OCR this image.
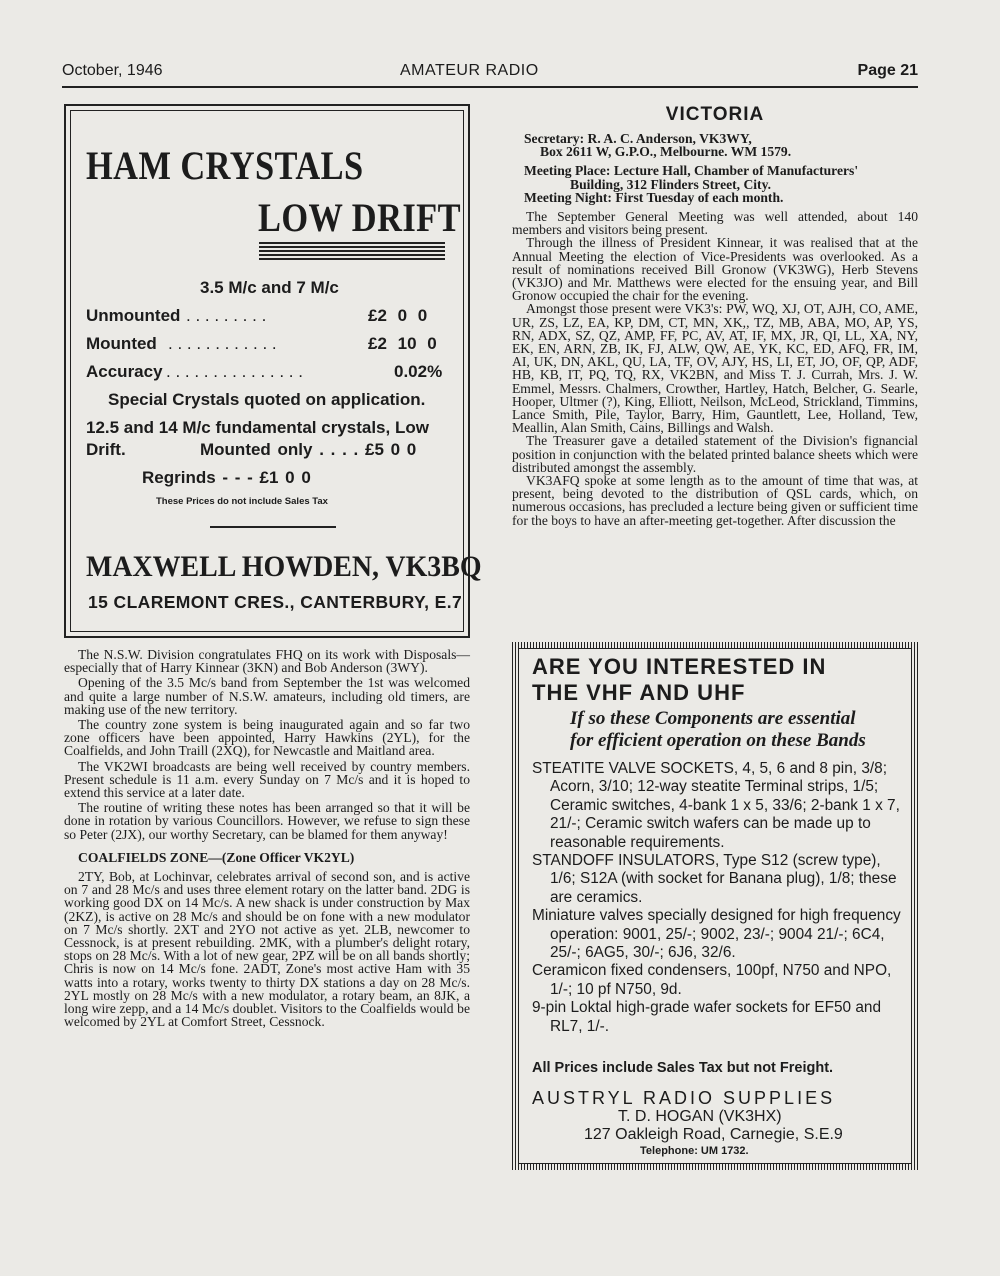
October, 1946	AMATEUR RADIO	Page 21
HAM CRYSTALS
LOW DRIFT
3.5 M/c and 7 M/c
Unmounted . . . . . . . . .	£2 0 0
Mounted . . . . . . . . . . . .	£2 10 0
Accuracy . . . . . . . . . . . . . . .	0.02%
Special Crystals quoted on application.
12.5 and 14 M/c fundamental crystals, Low
Drift.	Mounted only . . . . £5 0 0
Regrinds - - - £1 0 0
These Prices do not include Sales Tax
MAXWELL HOWDEN, VK3BQ
15 CLAREMONT CRES., CANTERBURY, E.7

The N.S.W. Division congratulates FHQ on its work with Disposals—especially that of Harry Kinnear (3KN) and Bob Anderson (3WY).

Opening of the 3.5 Mc/s band from September the 1st was welcomed and quite a large number of N.S.W. amateurs, including old timers, are making use of the new territory.

The country zone system is being inaugurated again and so far two zone officers have been appointed, Harry Hawkins (2YL), for the Coalfields, and John Traill (2XQ), for Newcastle and Maitland area.

The VK2WI broadcasts are being well received by country members. Present schedule is 11 a.m. every Sunday on 7 Mc/s and it is hoped to extend this service at a later date.

The routine of writing these notes has been arranged so that it will be done in rotation by various Councillors. However, we refuse to sign these so Peter (2JX), our worthy Secretary, can be blamed for them anyway!

COALFIELDS ZONE—(Zone Officer VK2YL)

2TY, Bob, at Lochinvar, celebrates arrival of second son, and is active on 7 and 28 Mc/s and uses three element rotary on the latter band. 2DG is working good DX on 14 Mc/s. A new shack is under construction by Max (2KZ), is active on 28 Mc/s and should be on fone with a new modulator on 7 Mc/s shortly. 2XT and 2YO not active as yet. 2LB, newcomer to Cessnock, is at present rebuilding. 2MK, with a plumber's delight rotary, stops on 28 Mc/s. With a lot of new gear, 2PZ will be on all bands shortly; Chris is now on 14 Mc/s fone. 2ADT, Zone's most active Ham with 35 watts into a rotary, works twenty to thirty DX stations a day on 28 Mc/s. 2YL mostly on 28 Mc/s with a new modulator, a rotary beam, an 8JK, a long wire zepp, and a 14 Mc/s doublet. Visitors to the Coalfields would be welcomed by 2YL at Comfort Street, Cessnock.

VICTORIA
Secretary: R. A. C. Anderson, VK3WY,
Box 2611 W, G.P.O., Melbourne. WM 1579.
Meeting Place: Lecture Hall, Chamber of Manufacturers'
Building, 312 Flinders Street, City.
Meeting Night: First Tuesday of each month.

The September General Meeting was well attended, about 140 members and visitors being present.

Through the illness of President Kinnear, it was realised that at the Annual Meeting the election of Vice-Presidents was overlooked. As a result of nominations received Bill Gronow (VK3WG), Herb Stevens (VK3JO) and Mr. Matthews were elected for the ensuing year, and Bill Gronow occupied the chair for the evening.

Amongst those present were VK3's: PW, WQ, XJ, OT, AJH, CO, AME, UR, ZS, LZ, EA, KP, DM, CT, MN, XK,, TZ, MB, ABA, MO, AP, YS, RN, ADX, SZ, QZ, AMP, FF, PC, AV, AT, IF, MX, JR, QI, LL, XA, NY, EK, EN, ARN, ZB, IK, FJ, ALW, QW, AE, YK, KC, ED, AFQ, FR, IM, AI, UK, DN, AKL, QU, LA, TF, OV, AJY, HS, LI, ET, JO, OF, QP, ADF, HB, KB, IT, PQ, TQ, RX, VK2BN, and Miss T. J. Currah, Mrs. J. W. Emmel, Messrs. Chalmers, Crowther, Hartley, Hatch, Belcher, G. Searle, Hooper, Ultmer (?), King, Elliott, Neilson, McLeod, Strickland, Timmins, Lance Smith, Pile, Taylor, Barry, Him, Gauntlett, Lee, Holland, Tew, Meallin, Alan Smith, Cains, Billings and Walsh.

The Treasurer gave a detailed statement of the Division's fignancial position in conjunction with the belated printed balance sheets which were distributed amongst the assembly.

VK3AFQ spoke at some length as to the amount of time that was, at present, being devoted to the distribution of QSL cards, which, on numerous occasions, has precluded a lecture being given or sufficient time for the boys to have an after-meeting get-together. After discussion the

ARE YOU INTERESTED IN
THE VHF AND UHF
If so these Components are essential
for efficient operation on these Bands
STEATITE VALVE SOCKETS, 4, 5, 6 and 8 pin, 3/8; Acorn, 3/10; 12-way steatite Terminal strips, 1/5; Ceramic switches, 4-bank 1 x 5, 33/6; 2-bank 1 x 7, 21/-; Ceramic switch wafers can be made up to reasonable requirements.
STANDOFF INSULATORS, Type S12 (screw type), 1/6; S12A (with socket for Banana plug), 1/8; these are ceramics.
Miniature valves specially designed for high frequency operation: 9001, 25/-; 9002, 23/-; 9004 21/-; 6C4, 25/-; 6AG5, 30/-; 6J6, 32/6.
Ceramicon fixed condensers, 100pf, N750 and NPO, 1/-; 10 pf N750, 9d.
9-pin Loktal high-grade wafer sockets for EF50 and RL7, 1/-.
All Prices include Sales Tax but not Freight.
AUSTRYL RADIO SUPPLIES
T. D. HOGAN (VK3HX)
127 Oakleigh Road, Carnegie, S.E.9
Telephone: UM 1732.
